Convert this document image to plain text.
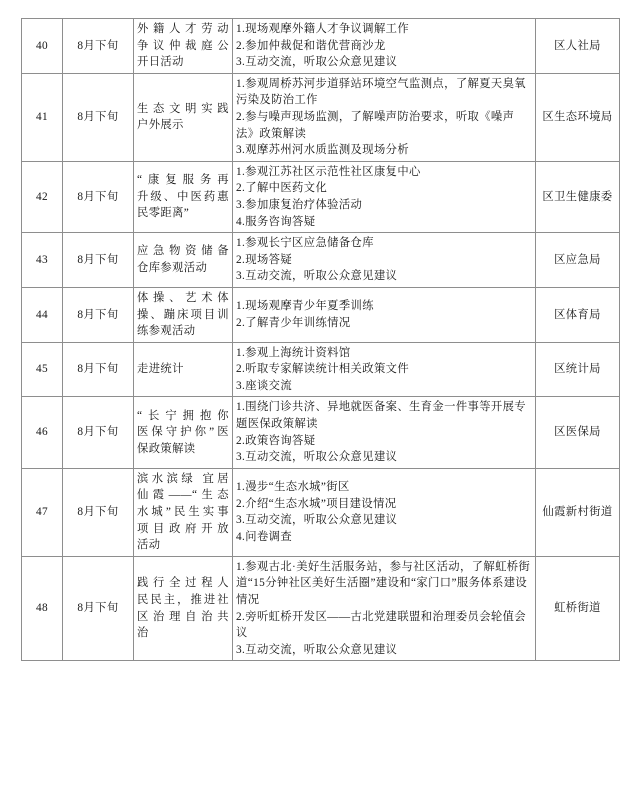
40	8月下旬	外籍人才劳动
争议仲裁庭公
开日活动	1.现场观摩外籍人才争议调解工作
2.参加仲裁促和谐优营商沙龙
3.互动交流，听取公众意见建议	区人社局
41	8月下旬	生态文明实践
户外展示	1.参观周桥苏河步道驿站环境空气监测点，了解夏天臭氧污染及防治工作
2.参与噪声现场监测，了解噪声防治要求，听取《噪声法》政策解读
3.观摩苏州河水质监测及现场分析	区生态环境局
42	8月下旬	“康复服务再
升级、中医药惠
民零距离”	1.参观江苏社区示范性社区康复中心
2.了解中医药文化
3.参加康复治疗体验活动
4.服务咨询答疑	区卫生健康委
43	8月下旬	应急物资储备
仓库参观活动	1.参观长宁区应急储备仓库
2.现场答疑
3.互动交流，听取公众意见建议	区应急局
44	8月下旬	体操、艺术体
操、蹦床项目训
练参观活动	1.现场观摩青少年夏季训练
2.了解青少年训练情况	区体育局
45	8月下旬	走进统计	1.参观上海统计资料馆
2.听取专家解读统计相关政策文件
3.座谈交流	区统计局
46	8月下旬	“长宁拥抱你
医保守护你”医
保政策解读	1.围绕门诊共济、异地就医备案、生育金一件事等开展专题医保政策解读
2.政策咨询答疑
3.互动交流，听取公众意见建议	区医保局
47	8月下旬	滨水滨绿 宜居
仙霞——“生态
水城”民生实事
项目政府开放
活动	1.漫步“生态水城”街区
2.介绍“生态水城”项目建设情况
3.互动交流，听取公众意见建议
4.问卷调查	仙霞新村街道
48	8月下旬	践行全过程人
民民主，推进社
区治理自治共
治	1.参观古北·美好生活服务站，参与社区活动，了解虹桥街道“15分钟社区美好生活圈”建设和“家门口”服务体系建设情况
2.旁听虹桥开发区——古北党建联盟和治理委员会轮值会议
3.互动交流，听取公众意见建议	虹桥街道
